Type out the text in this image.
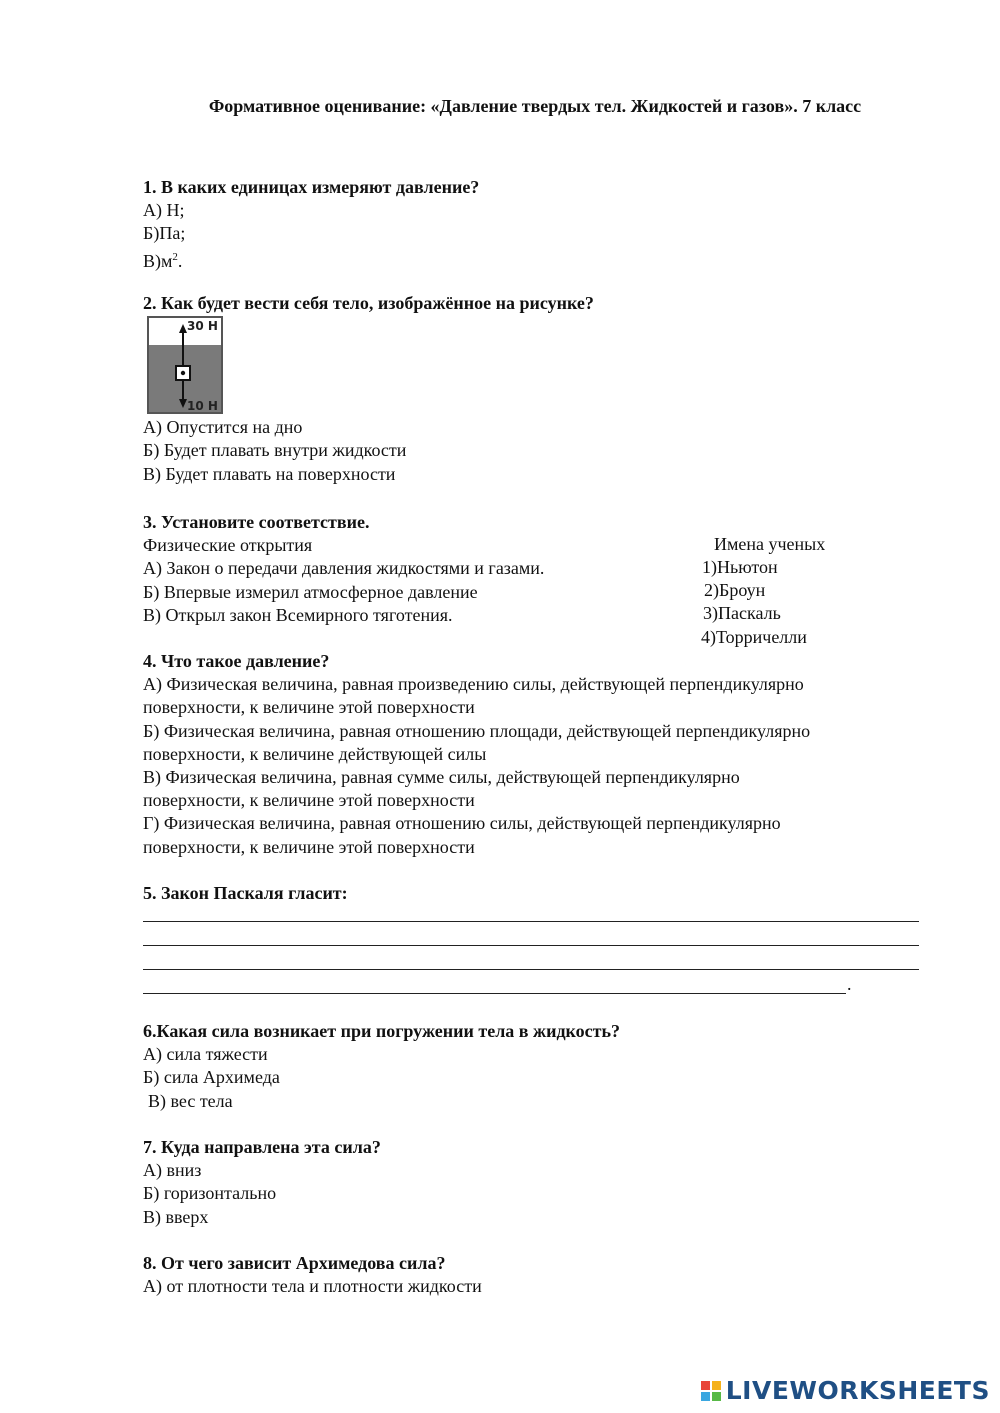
Формативное оценивание: «Давление твердых тел. Жидкостей и газов». 7 класс
1. В каких единицах измеряют давление?
А) Н;
Б)Па;
$В)м^2$.
2. Как будет вести себя тело, изображённое на рисунке?
30 Н
10 Н
А) Опустится на дно
Б) Будет плавать внутри жидкости
В) Будет плавать на поверхности
3. Установите соответствие.
Физические открытия
А) Закон о передачи давления жидкостями и газами.
Б) Впервые измерил атмосферное давление
В) Открыл закон Всемирного тяготения.
Имена ученых
1)Ньютон
2)Броун
3)Паскаль
4)Торричелли
4. Что такое давление?
А) Физическая величина, равная произведению силы, действующей перпендикулярно
поверхности, к величине этой поверхности
Б) Физическая величина, равная отношению площади, действующей перпендикулярно
поверхности, к величине действующей силы
В) Физическая величина, равная сумме силы, действующей перпендикулярно
поверхности, к величине этой поверхности
Г) Физическая величина, равная отношению силы, действующей перпендикулярно
поверхности, к величине этой поверхности
5. Закон Паскаля гласит:
.
6.Какая сила возникает при погружении тела в жидкость?
А) сила тяжести
Б) сила Архимеда
В) вес тела
7. Куда направлена эта сила?
А) вниз
Б) горизонтально
В) вверх
8. От чего зависит Архимедова сила?
А) от плотности тела и плотности жидкости
LIVEWORKSHEETS
